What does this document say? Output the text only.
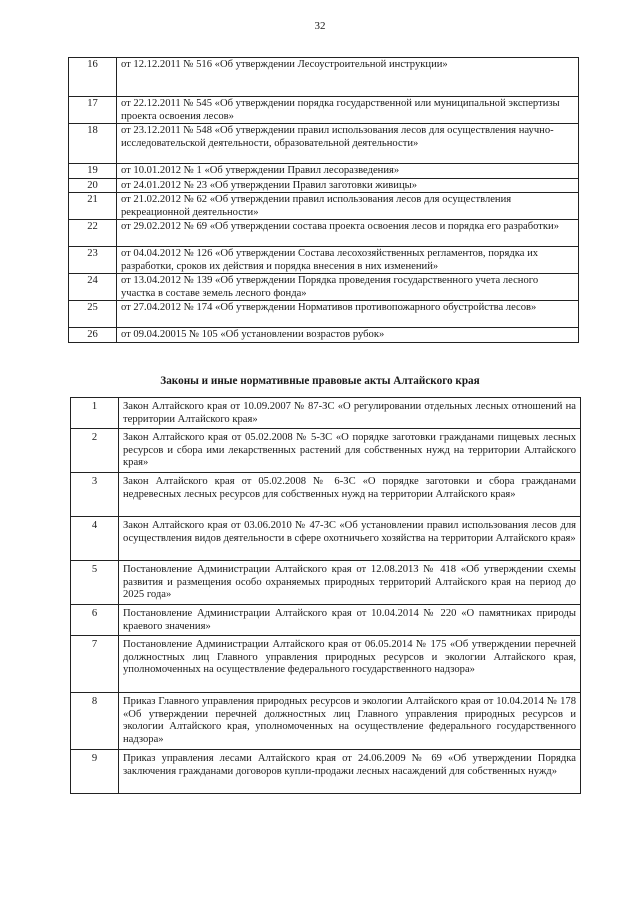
32
16	от 12.12.2011 № 516 «Об утверждении Лесоустроительной инструкции»
17	от 22.12.2011 № 545 «Об утверждении порядка государственной или муниципальной экспертизы проекта освоения лесов»
18	от 23.12.2011 № 548 «Об утверждении правил использования лесов для осуществления научно-исследовательской деятельности, образовательной деятельности»
19	от 10.01.2012 № 1 «Об утверждении Правил лесоразведения»
20	от 24.01.2012 № 23 «Об утверждении Правил заготовки живицы»
21	от 21.02.2012 № 62 «Об утверждении правил использования лесов для осуществления рекреационной деятельности»
22	от 29.02.2012 № 69 «Об утверждении состава проекта освоения лесов и порядка его разработки»
23	от 04.04.2012 № 126 «Об утверждении Состава лесохозяйственных регламентов, порядка их разработки, сроков их действия и порядка внесения в них изменений»
24	от 13.04.2012 № 139 «Об утверждении Порядка проведения государственного учета лесного участка в составе земель лесного фонда»
25	от 27.04.2012 № 174 «Об утверждении Нормативов противопожарного обустройства лесов»
26	от 09.04.20015 № 105 «Об установлении возрастов рубок»
Законы и иные нормативные правовые акты Алтайского края
1	Закон Алтайского края от 10.09.2007 № 87-ЗС «О регулировании отдельных лесных отношений на территории Алтайского края»
2	Закон Алтайского края от 05.02.2008 № 5-ЗС «О порядке заготовки гражданами пищевых лесных ресурсов и сбора ими лекарственных растений для собственных нужд на территории Алтайского края»
3	Закон Алтайского края от 05.02.2008 № 6-ЗС «О порядке заготовки и сбора гражданами недревесных лесных ресурсов для собственных нужд на территории Алтайского края»
4	Закон Алтайского края от 03.06.2010 № 47-ЗС «Об установлении правил использования лесов для осуществления видов деятельности в сфере охотничьего хозяйства на территории Алтайского края»
5	Постановление Администрации Алтайского края от 12.08.2013 № 418 «Об утверждении схемы развития и размещения особо охраняемых природных территорий Алтайского края на период до 2025 года»
6	Постановление Администрации Алтайского края от 10.04.2014 № 220 «О памятниках природы краевого значения»
7	Постановление Администрации Алтайского края от 06.05.2014 № 175 «Об утверждении перечней должностных лиц Главного управления природных ресурсов и экологии Алтайского края, уполномоченных на осуществление федерального государственного надзора»
8	Приказ Главного управления природных ресурсов и экологии Алтайского края от 10.04.2014 № 178 «Об утверждении перечней должностных лиц Главного управления природных ресурсов и экологии Алтайского края, уполномоченных на осуществление федерального государственного надзора»
9	Приказ управления лесами Алтайского края от 24.06.2009 № 69 «Об утверждении Порядка заключения гражданами договоров купли-продажи лесных насаждений для собственных нужд»
